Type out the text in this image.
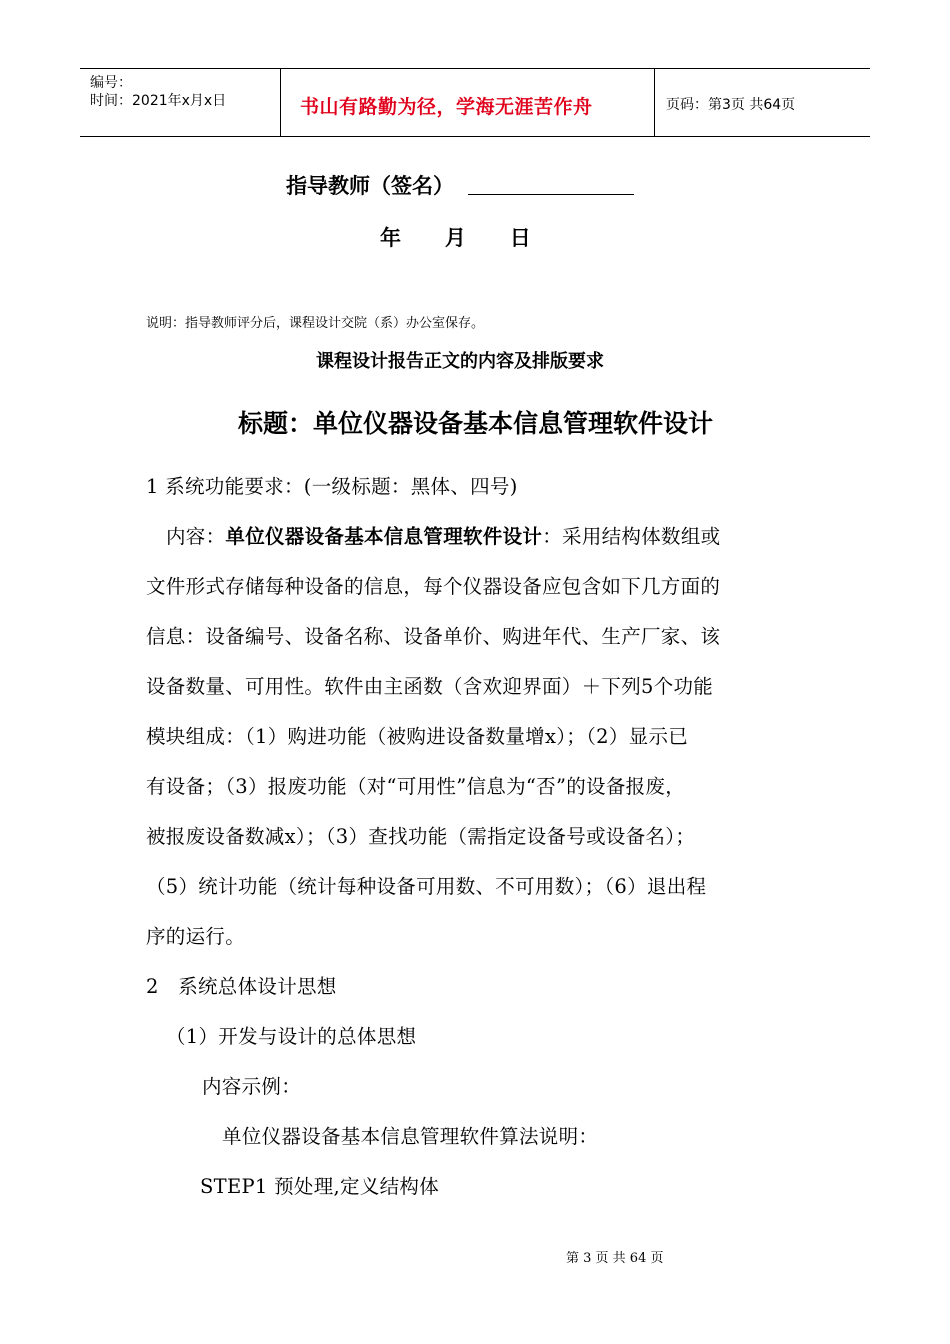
编号：
时间：2021年x月x日	书山有路勤为径，学海无涯苦作舟	页码：第3页 共64页
指导教师（签名）
年      月      日
说明：指导教师评分后，课程设计交院（系）办公室保存。
课程设计报告正文的内容及排版要求
标题：单位仪器设备基本信息管理软件设计
1 系统功能要求：(一级标题：黑体、四号)
内容：单位仪器设备基本信息管理软件设计：采用结构体数组或
文件形式存储每种设备的信息，每个仪器设备应包含如下几方面的
信息：设备编号、设备名称、设备单价、购进年代、生产厂家、该
设备数量、可用性。软件由主函数（含欢迎界面）＋下列5个功能
模块组成：（1）购进功能（被购进设备数量增x）；（2）显示已
有设备；（3）报废功能（对“可用性”信息为“否”的设备报废，
被报废设备数减x）；（3）查找功能（需指定设备号或设备名）；
（5）统计功能（统计每种设备可用数、不可用数）；（6）退出程
序的运行。
2   系统总体设计思想
（1）开发与设计的总体思想
内容示例：
单位仪器设备基本信息管理软件算法说明：
STEP1 预处理,定义结构体
第 3 页 共 64 页
